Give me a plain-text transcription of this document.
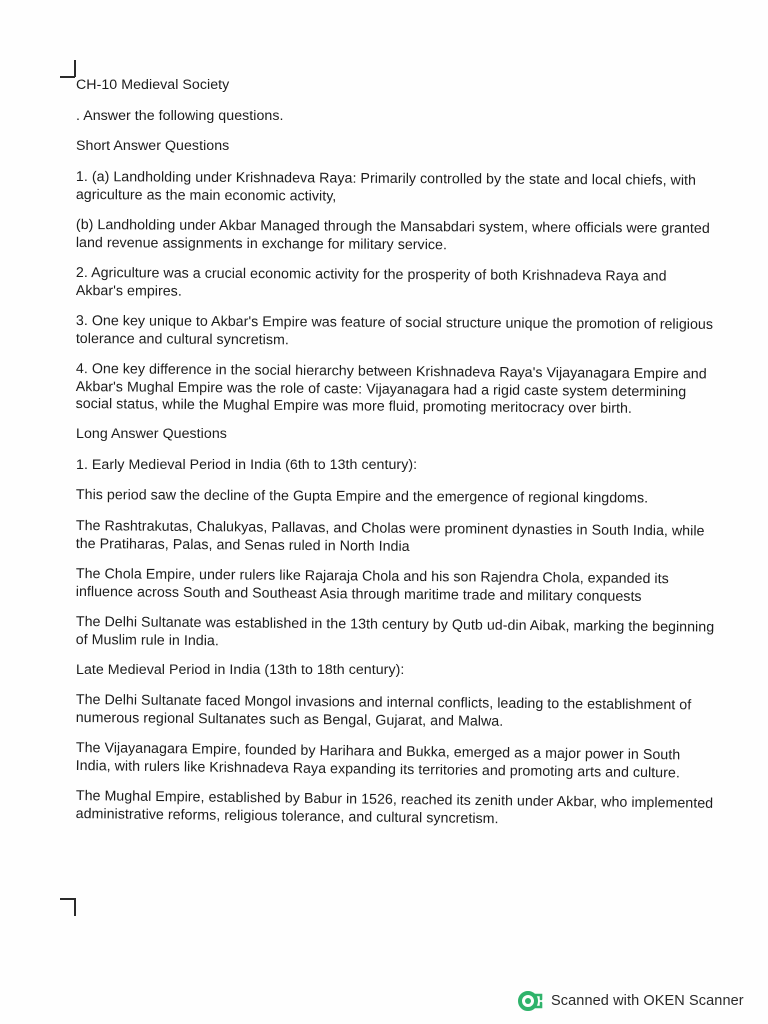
CH-10 Medieval Society

. Answer the following questions.

Short Answer Questions

1. (a) Landholding under Krishnadeva Raya: Primarily controlled by the state and local chiefs, with agriculture as the main economic activity,

(b) Landholding under Akbar Managed through the Mansabdari system, where officials were granted land revenue assignments in exchange for military service.

2. Agriculture was a crucial economic activity for the prosperity of both Krishnadeva Raya and Akbar's empires.

3. One key unique to Akbar's Empire was feature of social structure unique the promotion of religious tolerance and cultural syncretism.

4. One key difference in the social hierarchy between Krishnadeva Raya's Vijayanagara Empire and Akbar's Mughal Empire was the role of caste: Vijayanagara had a rigid caste system determining social status, while the Mughal Empire was more fluid, promoting meritocracy over birth.

Long Answer Questions

1. Early Medieval Period in India (6th to 13th century):

This period saw the decline of the Gupta Empire and the emergence of regional kingdoms.

The Rashtrakutas, Chalukyas, Pallavas, and Cholas were prominent dynasties in South India, while the Pratiharas, Palas, and Senas ruled in North India

The Chola Empire, under rulers like Rajaraja Chola and his son Rajendra Chola, expanded its influence across South and Southeast Asia through maritime trade and military conquests

The Delhi Sultanate was established in the 13th century by Qutb ud-din Aibak, marking the beginning of Muslim rule in India.

Late Medieval Period in India (13th to 18th century):

The Delhi Sultanate faced Mongol invasions and internal conflicts, leading to the establishment of numerous regional Sultanates such as Bengal, Gujarat, and Malwa.

The Vijayanagara Empire, founded by Harihara and Bukka, emerged as a major power in South India, with rulers like Krishnadeva Raya expanding its territories and promoting arts and culture.

The Mughal Empire, established by Babur in 1526, reached its zenith under Akbar, who implemented administrative reforms, religious tolerance, and cultural syncretism.

Scanned with OKEN Scanner
